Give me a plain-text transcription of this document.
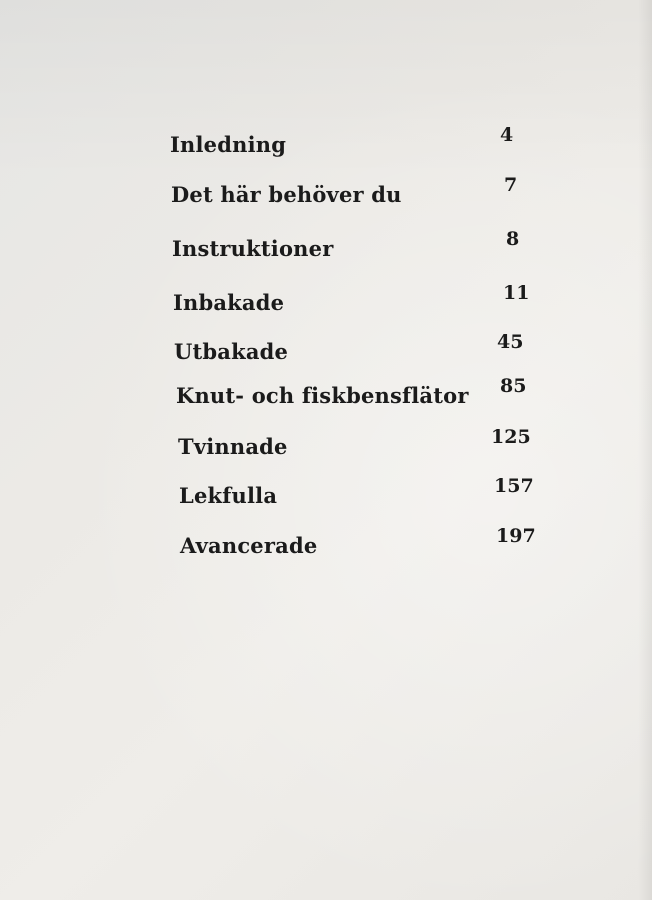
Inledning	4
Det här behöver du	7
Instruktioner	8
Inbakade	11
Utbakade	45
Knut- och fiskbensflätor 85
Tvinnade	125
Lekfulla	157
Avancerade	197
